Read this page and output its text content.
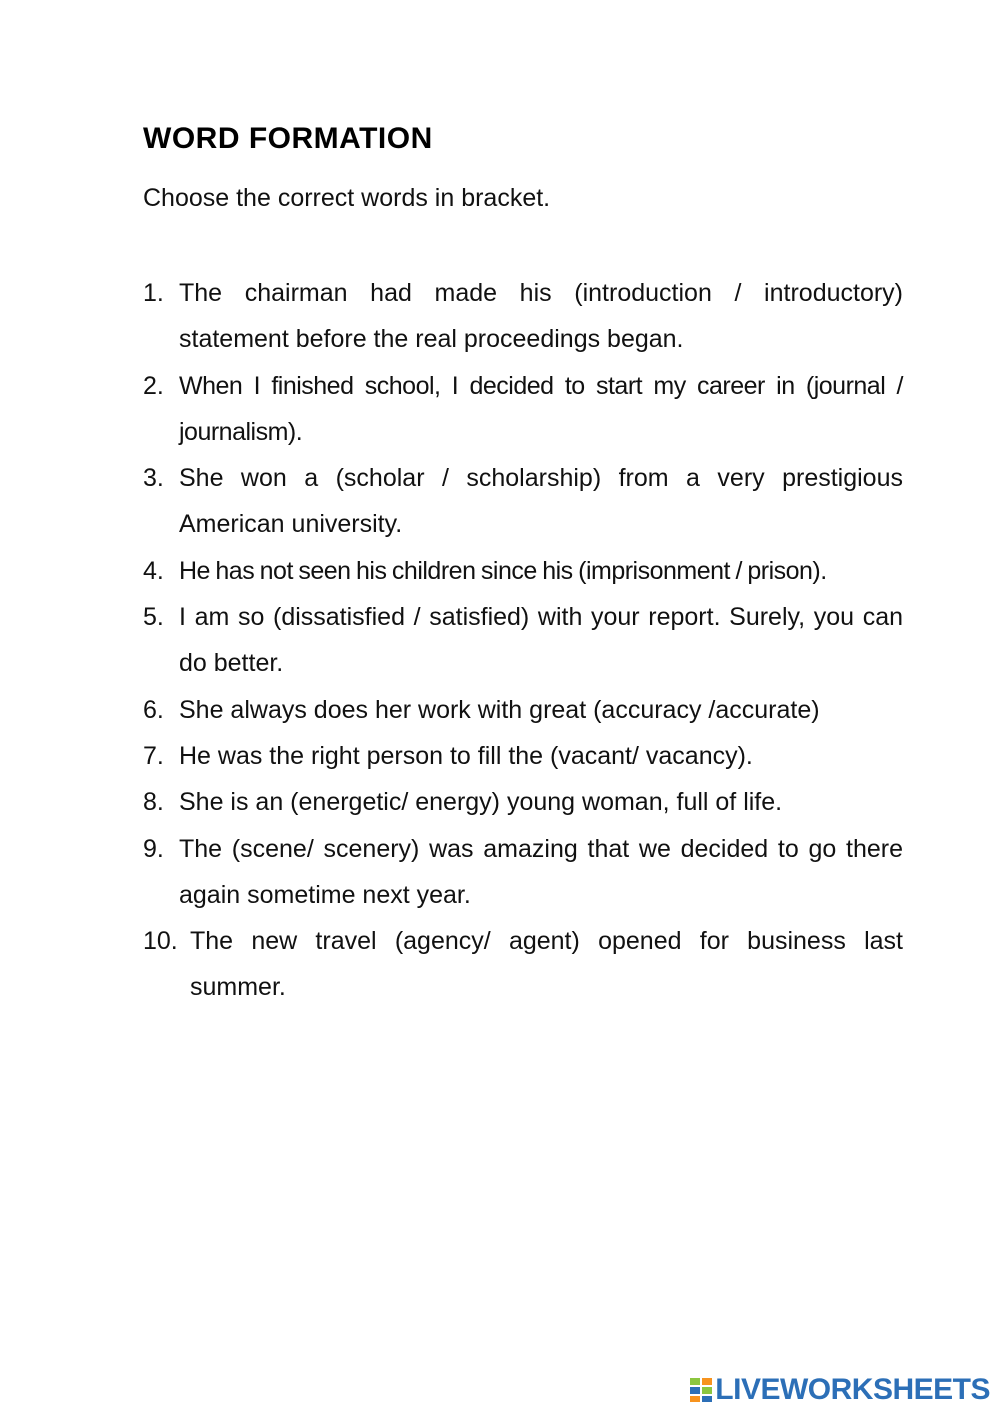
WORD FORMATION

Choose the correct words in bracket.

1. The chairman had made his (introduction / introductory) statement before the real proceedings began.
2. When I finished school, I decided to start my career in (journal / journalism).
3. She won a (scholar / scholarship) from a very prestigious American university.
4. He has not seen his children since his (imprisonment / prison).
5. I am so (dissatisfied / satisfied) with your report. Surely, you can do better.
6. She always does her work with great (accuracy /accurate)
7. He was the right person to fill the (vacant/ vacancy).
8. She is an (energetic/ energy) young woman, full of life.
9. The (scene/ scenery) was amazing that we decided to go there again sometime next year.
10. The new travel (agency/ agent) opened for business last summer.
LIVEWORKSHEETS
